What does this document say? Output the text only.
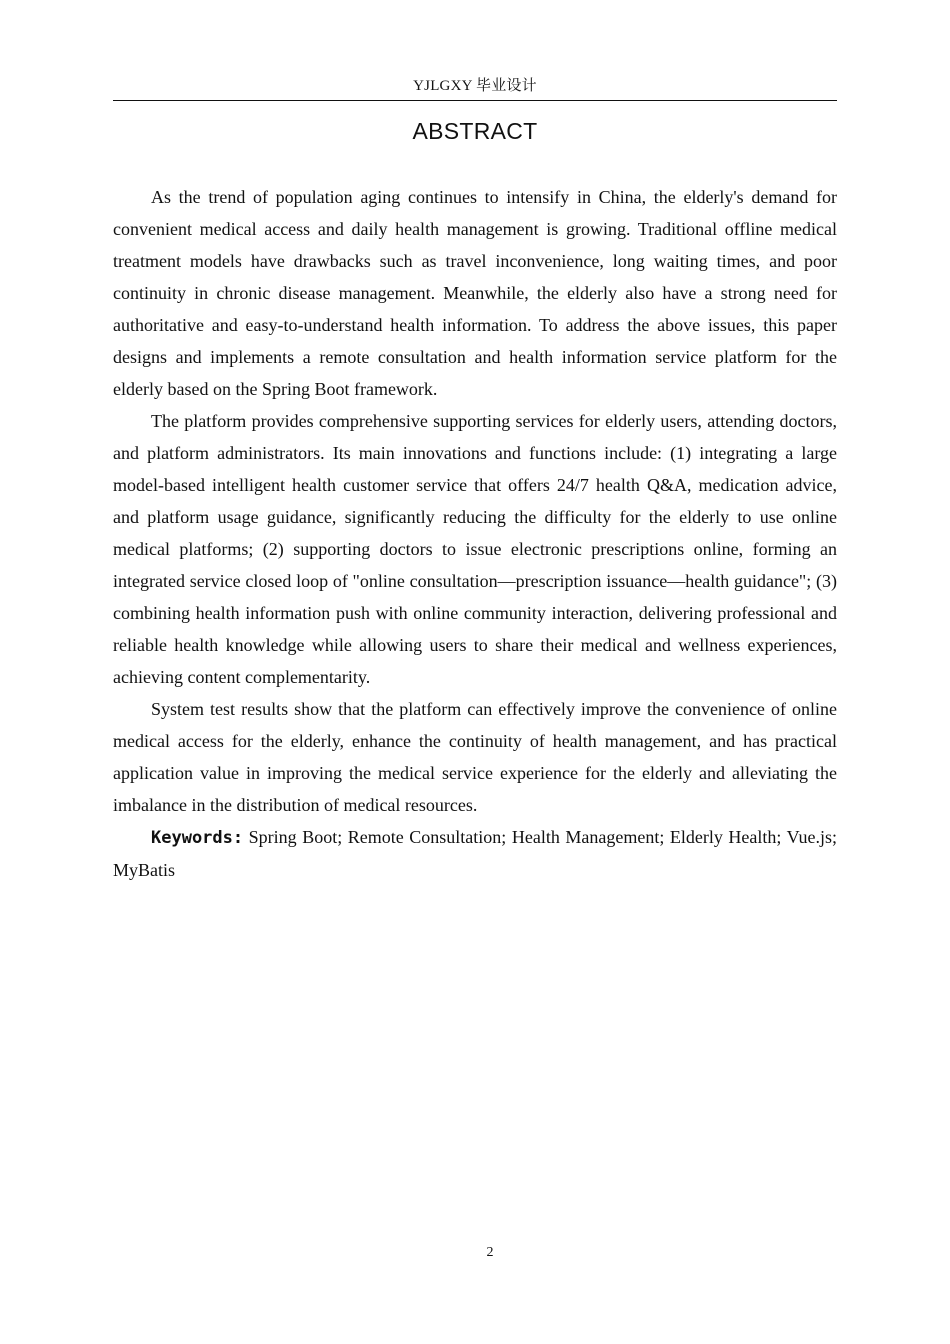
YJLGXY 毕业设计
ABSTRACT

As the trend of population aging continues to intensify in China, the elderly's demand for convenient medical access and daily health management is growing. Traditional offline medical treatment models have drawbacks such as travel inconvenience, long waiting times, and poor continuity in chronic disease management. Meanwhile, the elderly also have a strong need for authoritative and easy-to-understand health information. To address the above issues, this paper designs and implements a remote consultation and health information service platform for the elderly based on the Spring Boot framework.

The platform provides comprehensive supporting services for elderly users, attending doctors, and platform administrators. Its main innovations and functions include: (1) integrating a large model-based intelligent health customer service that offers 24/7 health Q&A, medication advice, and platform usage guidance, significantly reducing the difficulty for the elderly to use online medical platforms; (2) supporting doctors to issue electronic prescriptions online, forming an integrated service closed loop of "online consultation—prescription issuance—health guidance"; (3) combining health information push with online community interaction, delivering professional and reliable health knowledge while allowing users to share their medical and wellness experiences, achieving content complementarity.

System test results show that the platform can effectively improve the convenience of online medical access for the elderly, enhance the continuity of health management, and has practical application value in improving the medical service experience for the elderly and alleviating the imbalance in the distribution of medical resources.

Keywords: Spring Boot; Remote Consultation; Health Management; Elderly Health; Vue.js; MyBatis

2
